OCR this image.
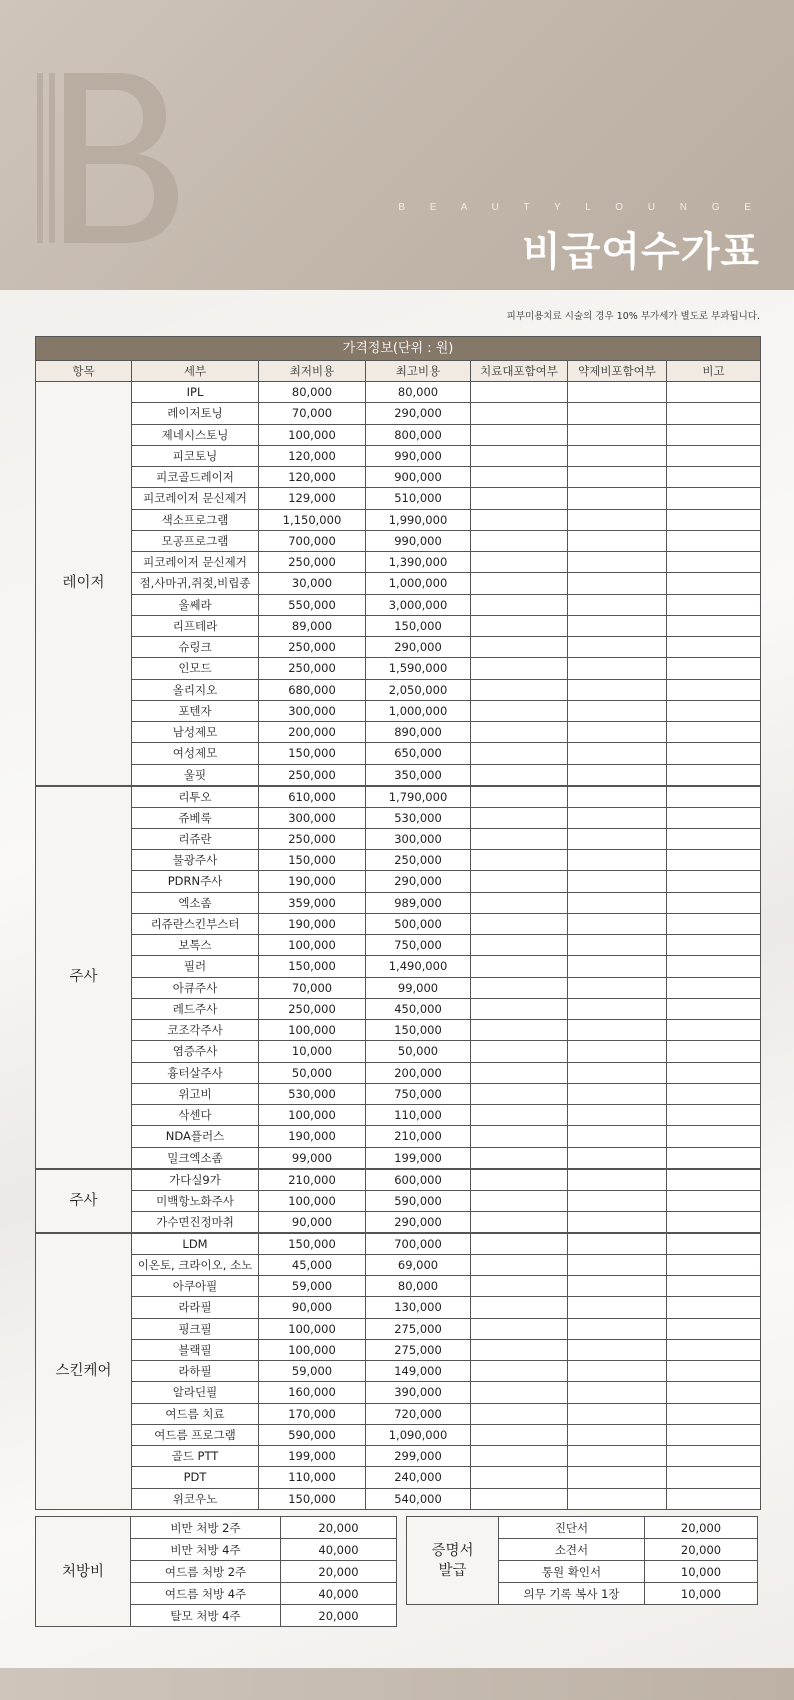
B E A U T Y L O U N G E
비급여수가표
피부미용치료 시술의 경우 10% 부가세가 별도로 부과됩니다.
가격정보(단위 : 원)						
항목	세부	최저비용	최고비용	치료대포함여부	약제비포함여부	비고
레이저	IPL	80,000	80,000			
	레이저토닝	70,000	290,000			
	제네시스토닝	100,000	800,000			
	피코토닝	120,000	990,000			
	피코골드레이저	120,000	900,000			
	피코레이저 문신제거	129,000	510,000			
	색소프로그램	1,150,000	1,990,000			
	모공프로그램	700,000	990,000			
	피코레이저 문신제거	250,000	1,390,000			
	점,사마귀,쥐젖,비립종	30,000	1,000,000			
	울쎄라	550,000	3,000,000			
	리프테라	89,000	150,000			
	슈링크	250,000	290,000			
	인모드	250,000	1,590,000			
	올리지오	680,000	2,050,000			
	포텐자	300,000	1,000,000			
	남성제모	200,000	890,000			
	여성제모	150,000	650,000			
	울핏	250,000	350,000			
주사	리투오	610,000	1,790,000			
	쥬베룩	300,000	530,000			
	리쥬란	250,000	300,000			
	물광주사	150,000	250,000			
	PDRN주사	190,000	290,000			
	엑소좀	359,000	989,000			
	리쥬란스킨부스터	190,000	500,000			
	보톡스	100,000	750,000			
	필러	150,000	1,490,000			
	아큐주사	70,000	99,000			
	레드주사	250,000	450,000			
	코조각주사	100,000	150,000			
	염증주사	10,000	50,000			
	흉터살주사	50,000	200,000			
	위고비	530,000	750,000			
	삭센다	100,000	110,000			
	NDA플러스	190,000	210,000			
	밀크엑소좀	99,000	199,000			
주사	가다실9가	210,000	600,000			
	미백항노화주사	100,000	590,000			
	가수면진정마취	90,000	290,000			
스킨케어	LDM	150,000	700,000			
	이온토, 크라이오, 소노	45,000	69,000			
	아쿠아필	59,000	80,000			
	라라필	90,000	130,000			
	핑크필	100,000	275,000			
	블랙필	100,000	275,000			
	라하필	59,000	149,000			
	알라딘필	160,000	390,000			
	여드름 치료	170,000	720,000			
	여드름 프로그램	590,000	1,090,000			
	골드 PTT	199,000	299,000			
	PDT	110,000	240,000			
	위코우노	150,000	540,000			
처방비	비만 처방 2주	20,000
	비만 처방 4주	40,000
	여드름 처방 2주	20,000
	여드름 처방 4주	40,000
	탈모 처방 4주	20,000
증명서
발급	진단서	20,000
	소견서	20,000
	통원 확인서	10,000
	의무 기록 복사 1장	10,000
